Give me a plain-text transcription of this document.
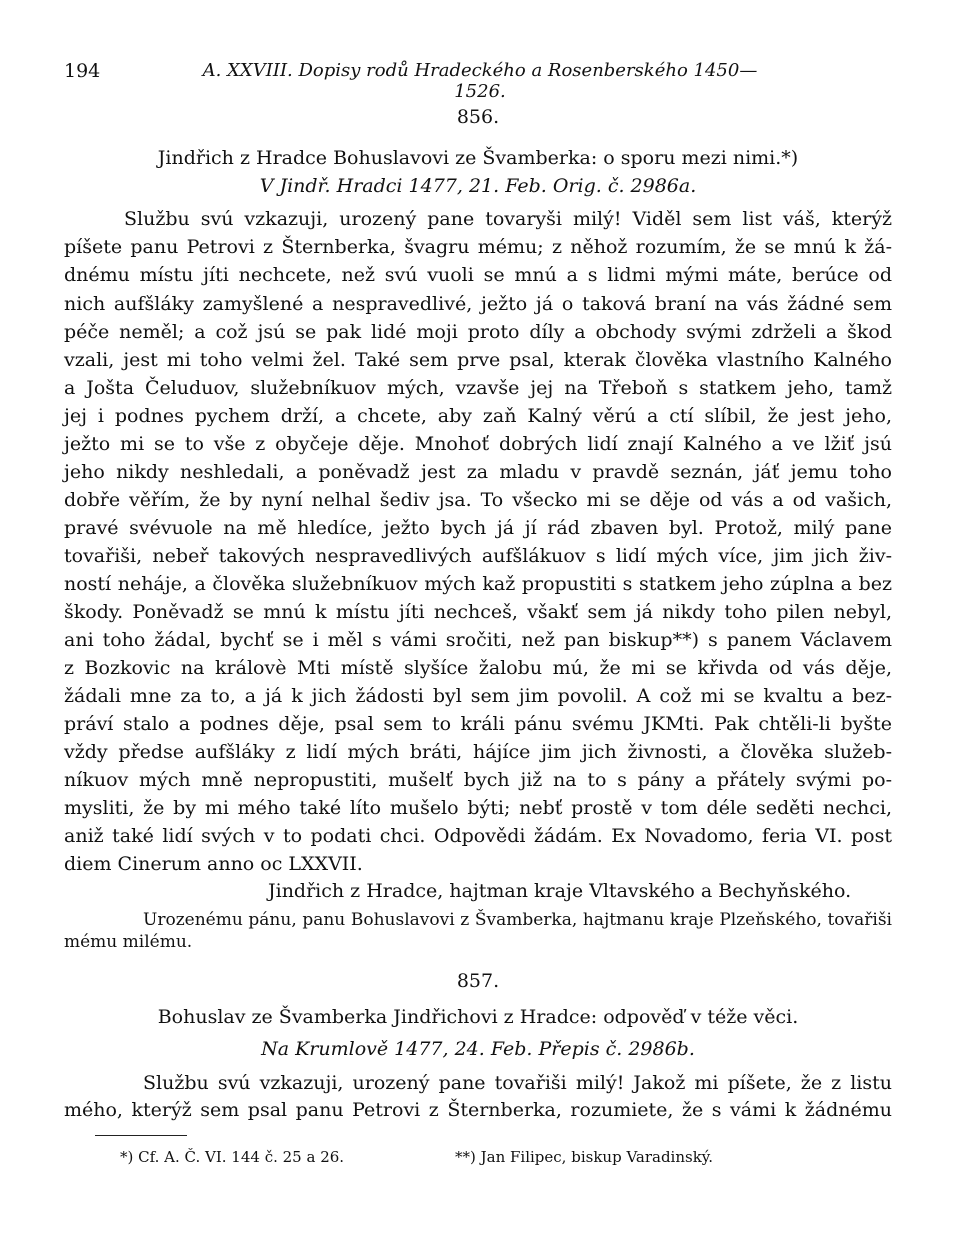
194	A. XXVIII. Dopisy rodů Hradeckého a Rosenberského 1450—1526.
856.
Jindřich z Hradce Bohuslavovi ze Švamberka: o sporu mezi nimi.*)
V Jindř. Hradci 1477, 21. Feb. Orig. č. 2986a.
Službu svú vzkazuji, urozený pane tovaryši milý! Viděl sem list váš, kterýž
píšete panu Petrovi z Šternberka, švagru mému; z něhož rozumím, že se mnú k žá-
dnému místu jíti nechcete, než svú vuoli se mnú a s lidmi mými máte, berúce od
nich aufšláky zamyšlené a nespravedlivé, ježto já o taková braní na vás žádné sem
péče neměl; a což jsú se pak lidé moji proto díly a obchody svými zdrželi a škod
vzali, jest mi toho velmi žel. Také sem prve psal, kterak člověka vlastního Kalného
a Jošta Čeluduov, služebníkuov mých, vzavše jej na Třeboň s statkem jeho, tamž
jej i podnes pychem drží, a chcete, aby zaň Kalný věrú a ctí slíbil, že jest jeho,
ježto mi se to vše z obyčeje děje. Mnohoť dobrých lidí znají Kalného a ve lžiť jsú
jeho nikdy neshledali, a poněvadž jest za mladu v pravdě seznán, jáť jemu toho
dobře věřím, že by nyní nelhal šediv jsa. To všecko mi se děje od vás a od vašich,
pravé svévuole na mě hledíce, ježto bych já jí rád zbaven byl. Protož, milý pane
tovařiši, nebeř takových nespravedlivých aufšlákuov s lidí mých více, jim jich živ-
ností neháje, a člověka služebníkuov mých kaž propustiti s statkem jeho zúplna a bez
škody. Poněvadž se mnú k místu jíti nechceš, všakť sem já nikdy toho pilen nebyl,
ani toho žádal, bychť se i měl s vámi sročiti, než pan biskup**) s panem Václavem
z Bozkovic na královè Mti místě slyšíce žalobu mú, že mi se křivda od vás děje,
žádali mne za to, a já k jich žádosti byl sem jim povolil. A což mi se kvaltu a bez-
práví stalo a podnes děje, psal sem to králi pánu svému JKMti. Pak chtěli-li byšte
vždy předse aufšláky z lidí mých bráti, hájíce jim jich živnosti, a člověka služeb-
níkuov mých mně nepropustiti, mušelť bych již na to s pány a přátely svými po-
mysliti, že by mi mého také líto mušelo býti; nebť prostě v tom déle seděti nechci,
aniž také lidí svých v to podati chci. Odpovědi žádám. Ex Novadomo, feria VI. post
diem Cinerum anno oc LXXVII.
Jindřich z Hradce, hajtman kraje Vltavského a Bechyňského.
Urozenému pánu, panu Bohuslavovi z Švamberka, hajtmanu kraje Plzeňského, tovařiši
mému milému.
857.
Bohuslav ze Švamberka Jindřichovi z Hradce: odpověď v téže věci.
Na Krumlově 1477, 24. Feb. Přepis č. 2986b.
Službu svú vzkazuji, urozený pane tovařiši milý! Jakož mi píšete, že z listu
mého, kterýž sem psal panu Petrovi z Šternberka, rozumiete, že s vámi k žádnému
*) Cf. A. Č. VI. 144 č. 25 a 26.	**) Jan Filipec, biskup Varadinský.
